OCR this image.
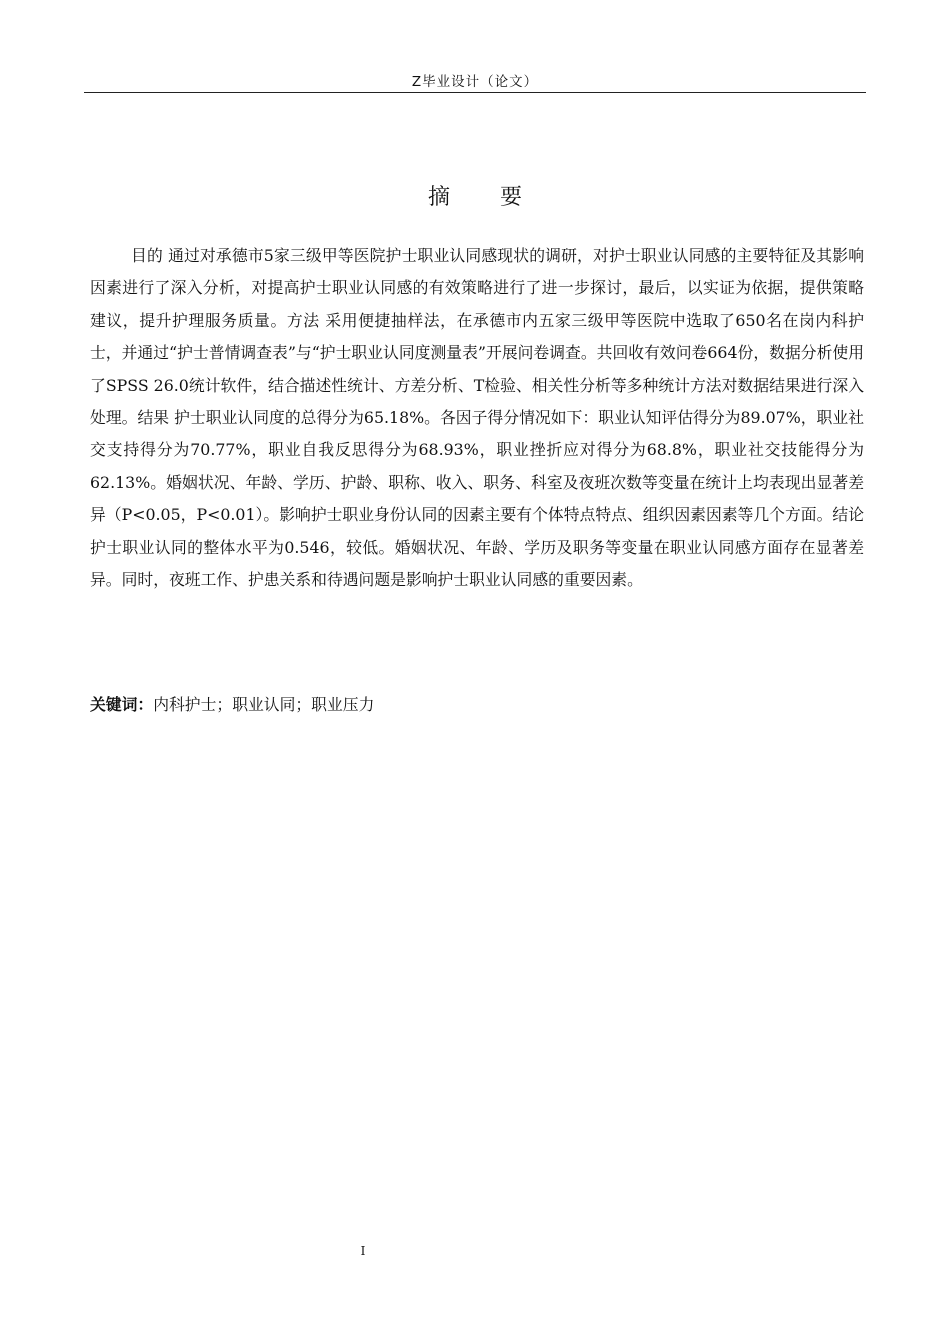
Z毕业设计（论文）
摘要

目的 通过对承德市5家三级甲等医院护士职业认同感现状的调研，对护士职业认同感的主要特征及其影响因素进行了深入分析，对提高护士职业认同感的有效策略进行了进一步探讨，最后，以实证为依据，提供策略建议，提升护理服务质量。方法 采用便捷抽样法，在承德市内五家三级甲等医院中选取了650名在岗内科护士，并通过“护士普情调查表”与“护士职业认同度测量表”开展问卷调查。共回收有效问卷664份，数据分析使用了SPSS 26.0统计软件，结合描述性统计、方差分析、T检验、相关性分析等多种统计方法对数据结果进行深入处理。结果 护士职业认同度的总得分为65.18%。各因子得分情况如下：职业认知评估得分为89.07%，职业社交支持得分为70.77%，职业自我反思得分为68.93%，职业挫折应对得分为68.8%，职业社交技能得分为62.13%。婚姻状况、年龄、学历、护龄、职称、收入、职务、科室及夜班次数等变量在统计上均表现出显著差异（P<0.05，P<0.01）。影响护士职业身份认同的因素主要有个体特点特点、组织因素因素等几个方面。结论 护士职业认同的整体水平为0.546，较低。婚姻状况、年龄、学历及职务等变量在职业认同感方面存在显著差异。同时，夜班工作、护患关系和待遇问题是影响护士职业认同感的重要因素。

关键词：内科护士；职业认同；职业压力
I
